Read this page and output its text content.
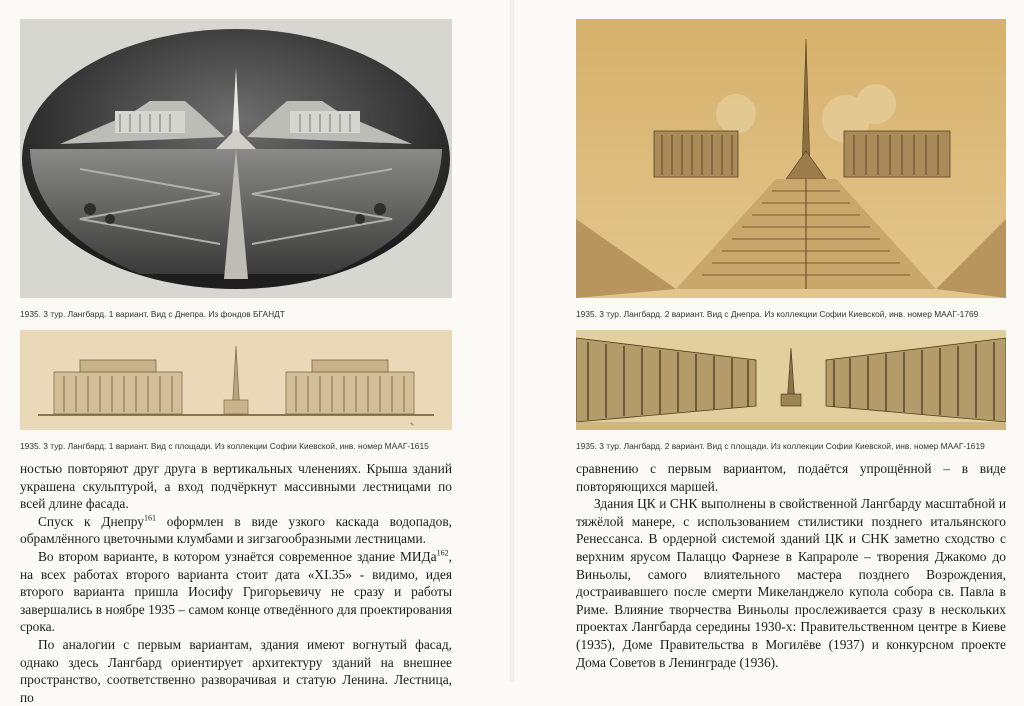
1935. 3 тур. Лангбард. 1 вариант. Вид с Днепра. Из фондов БГАНДТ
✎
1935. 3 тур. Лангбард. 1 вариант. Вид с площади. Из коллекции Софии Киевской, инв. номер МААГ-1615

ностью повторяют друг друга в вертикальных членениях. Крыша зданий украшена скульптурой, а вход подчёркнут массивными лестницами по всей длине фасада.

Спуск к Днепру$^{161}$ оформлен в виде узкого каскада водопадов, обрамлённого цветочными клумбами и зигзагообразными лестницами.

Во втором варианте, в котором узнаётся современное здание МИДа$^{162}$, на всех работах второго варианта стоит дата «XI.35» - видимо, идея второго варианта пришла Иосифу Григорьевичу не сразу и работы завершались в ноябре 1935 – самом конце отведённого для проектирования срока.

По аналогии с первым вариантам, здания имеют вогнутый фасад, однако здесь Лангбард ориентирует архитектуру зданий на внешнее пространство, соответственно разворачивая и статую Ленина. Лестница, по

1935. 3 тур. Лангбард. 2 вариант. Вид с Днепра. Из коллекции Софии Киевской, инв. номер МААГ-1769
1935. 3 тур. Лангбард. 2 вариант. Вид с площади. Из коллекции Софии Киевской, инв. номер МААГ-1619

сравнению с первым вариантом, подаётся упрощённой – в виде повторяющихся маршей.

Здания ЦК и СНК выполнены в свойственной Лангбарду масштабной и тяжёлой манере, с использованием стилистики позднего итальянского Ренессанса. В ордерной системой зданий ЦК и СНК заметно сходство с верхним ярусом Палаццо Фарнезе в Капрароле – творения Джакомо до Виньолы, самого влиятельного мастера позднего Возрождения, достраивавшего после смерти Микеланджело купола собора св. Павла в Риме. Влияние творчества Виньолы прослеживается сразу в нескольких проектах Лангбарда середины 1930-х: Правительственном центре в Киеве (1935), Доме Правительства в Могилёве (1937) и конкурсном проекте Дома Советов в Ленинграде (1936).
